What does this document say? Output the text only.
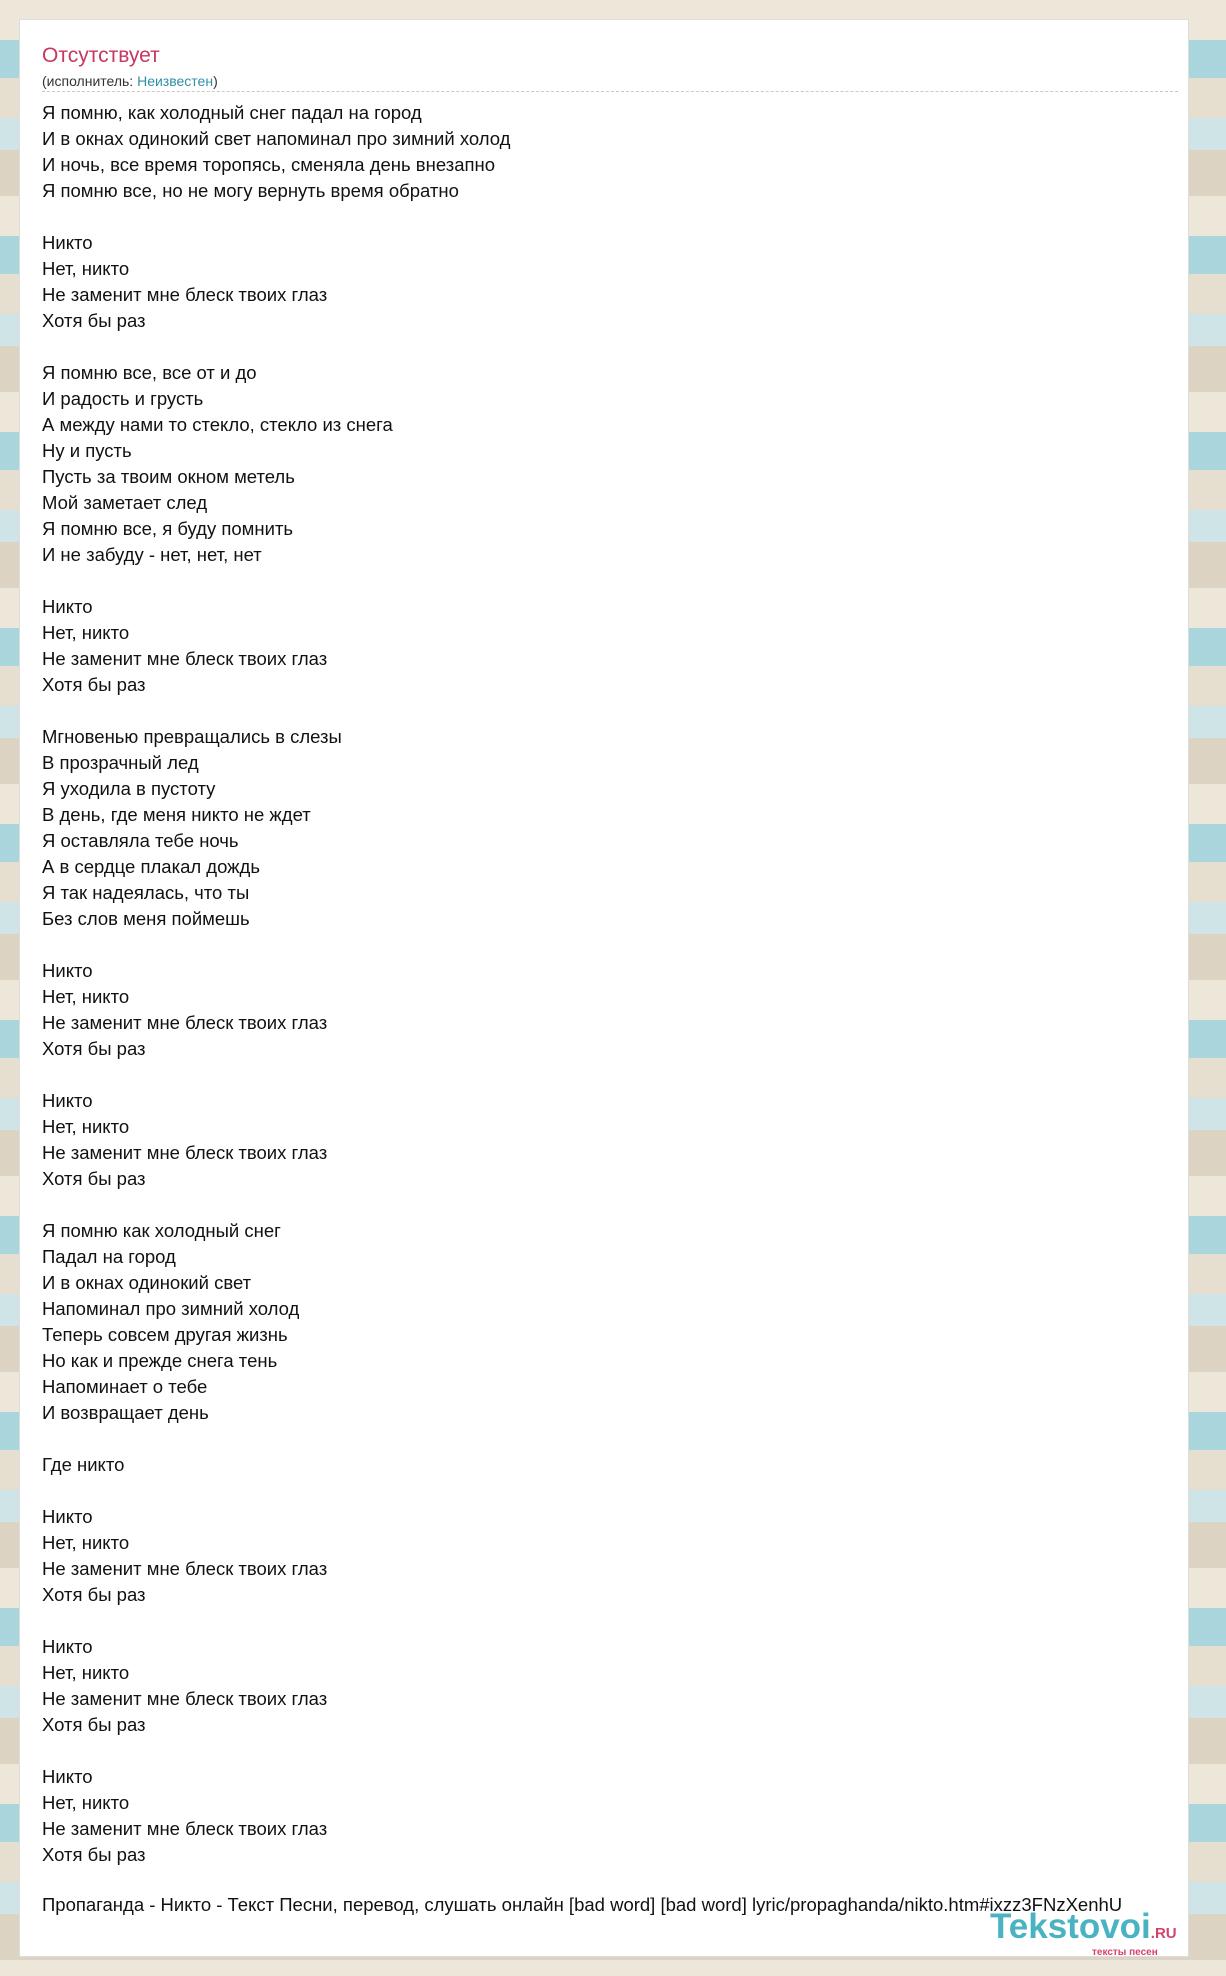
Отсутствует
(исполнитель: Неизвестен)
Я помню, как холодный снег падал на город
И в окнах одинокий свет напоминал про зимний холод
И ночь, все время торопясь, сменяла день внезапно
Я помню все, но не могу вернуть время обратно
Никто
Нет, никто
Не заменит мне блеск твоих глаз
Хотя бы раз
Я помню все, все от и до
И радость и грусть
А между нами то стекло, стекло из снега
Ну и пусть
Пусть за твоим окном метель
Мой заметает след
Я помню все, я буду помнить
И не забуду - нет, нет, нет
Никто
Нет, никто
Не заменит мне блеск твоих глаз
Хотя бы раз
Мгновенью превращались в слезы
В прозрачный лед
Я уходила в пустоту
В день, где меня никто не ждет
Я оставляла тебе ночь
А в сердце плакал дождь
Я так надеялась, что ты
Без слов меня поймешь
Никто
Нет, никто
Не заменит мне блеск твоих глаз
Хотя бы раз
Никто
Нет, никто
Не заменит мне блеск твоих глаз
Хотя бы раз
Я помню как холодный снег
Падал на город
И в окнах одинокий свет
Напоминал про зимний холод
Теперь совсем другая жизнь
Но как и прежде снега тень
Напоминает о тебе
И возвращает день
Где никто
Никто
Нет, никто
Не заменит мне блеск твоих глаз
Хотя бы раз
Никто
Нет, никто
Не заменит мне блеск твоих глаз
Хотя бы раз
Никто
Нет, никто
Не заменит мне блеск твоих глаз
Хотя бы раз
Пропаганда - Никто - Текст Песни, перевод, слушать онлайн [bad word] [bad word] lyric/propaghanda/nikto.htm#ixzz3FNzXenhU
Tekstovoi.RU
тексты песен
